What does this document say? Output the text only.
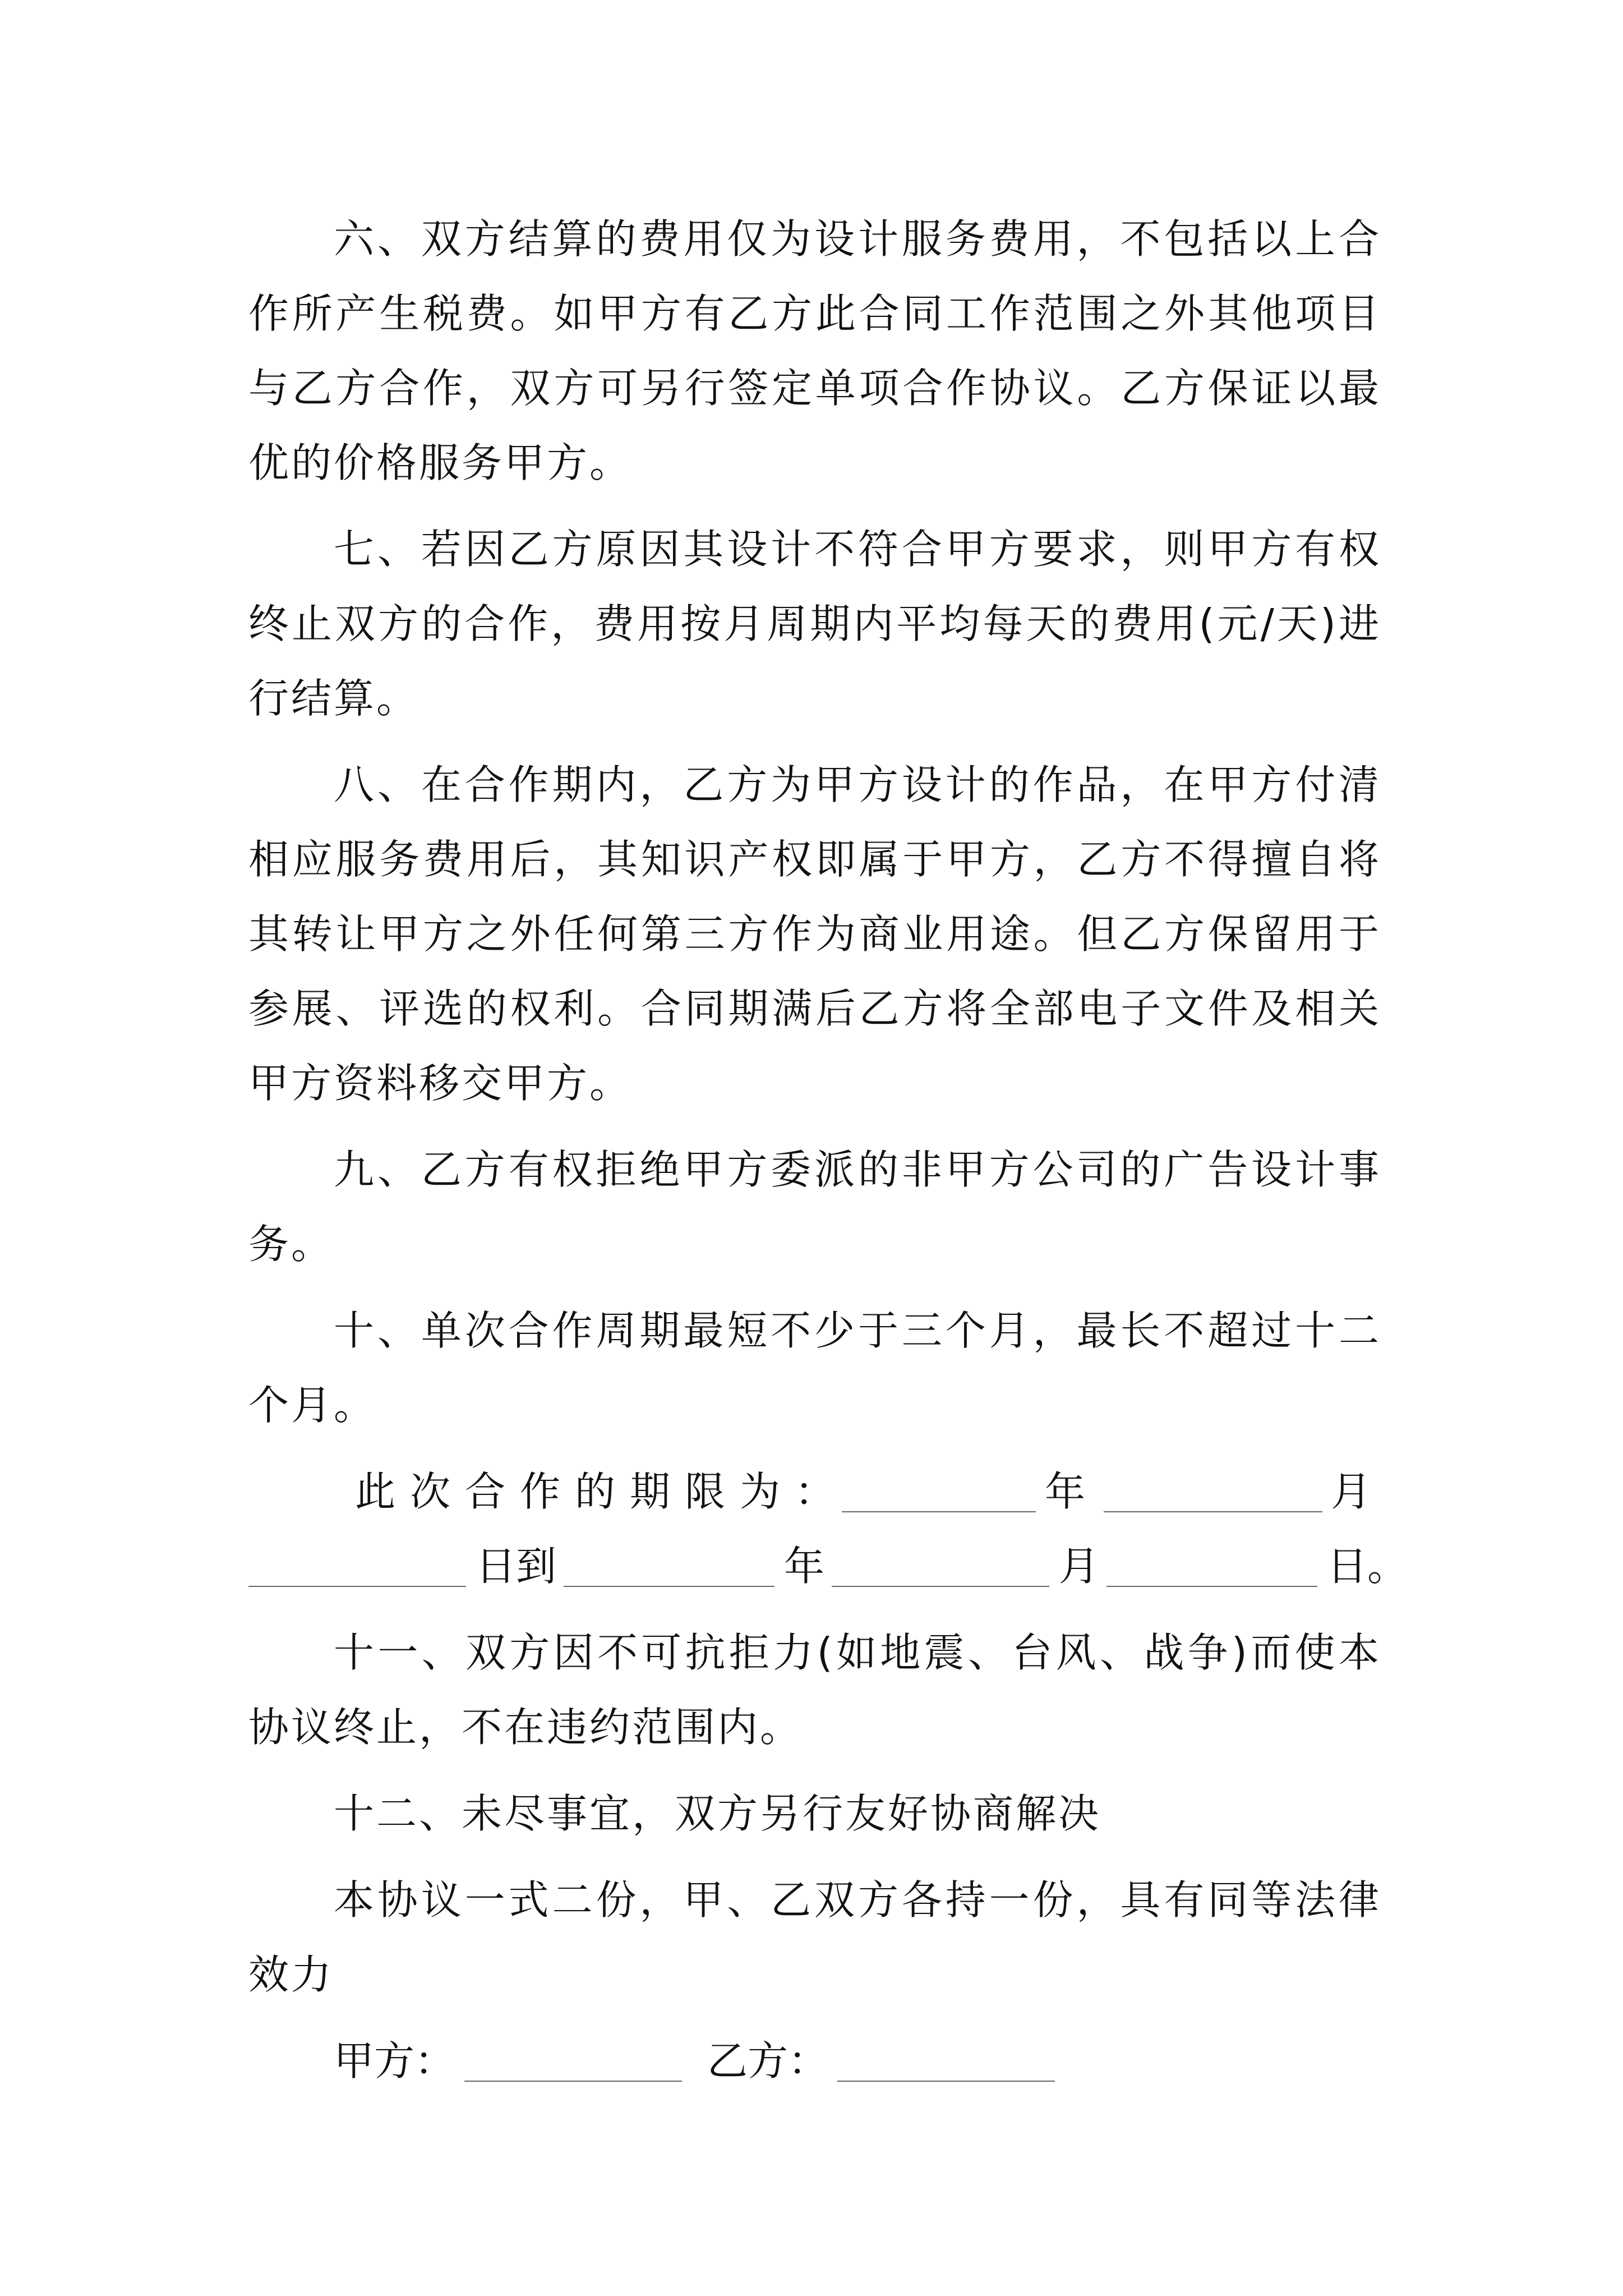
六、双方结算的费用仅为设计服务费用，不包括以上合作所产生税费。如甲方有乙方此合同工作范围之外其他项目与乙方合作，双方可另行签定单项合作协议。乙方保证以最优的价格服务甲方。

七、若因乙方原因其设计不符合甲方要求，则甲方有权终止双方的合作，费用按月周期内平均每天的费用(元/天)进行结算。

八、在合作期内，乙方为甲方设计的作品，在甲方付清相应服务费用后，其知识产权即属于甲方，乙方不得擅自将其转让甲方之外任何第三方作为商业用途。但乙方保留用于参展、评选的权利。合同期满后乙方将全部电子文件及相关甲方资料移交甲方。

九、乙方有权拒绝甲方委派的非甲方公司的广告设计事务。

十、单次合作周期最短不少于三个月，最长不超过十二个月。

此次合作的期限为：	年	月
日到	年	月	日。

十一、双方因不可抗拒力(如地震、台风、战争)而使本协议终止，不在违约范围内。

十二、未尽事宜，双方另行友好协商解决

本协议一式二份，甲、乙双方各持一份，具有同等法律效力

甲方：	乙方：
